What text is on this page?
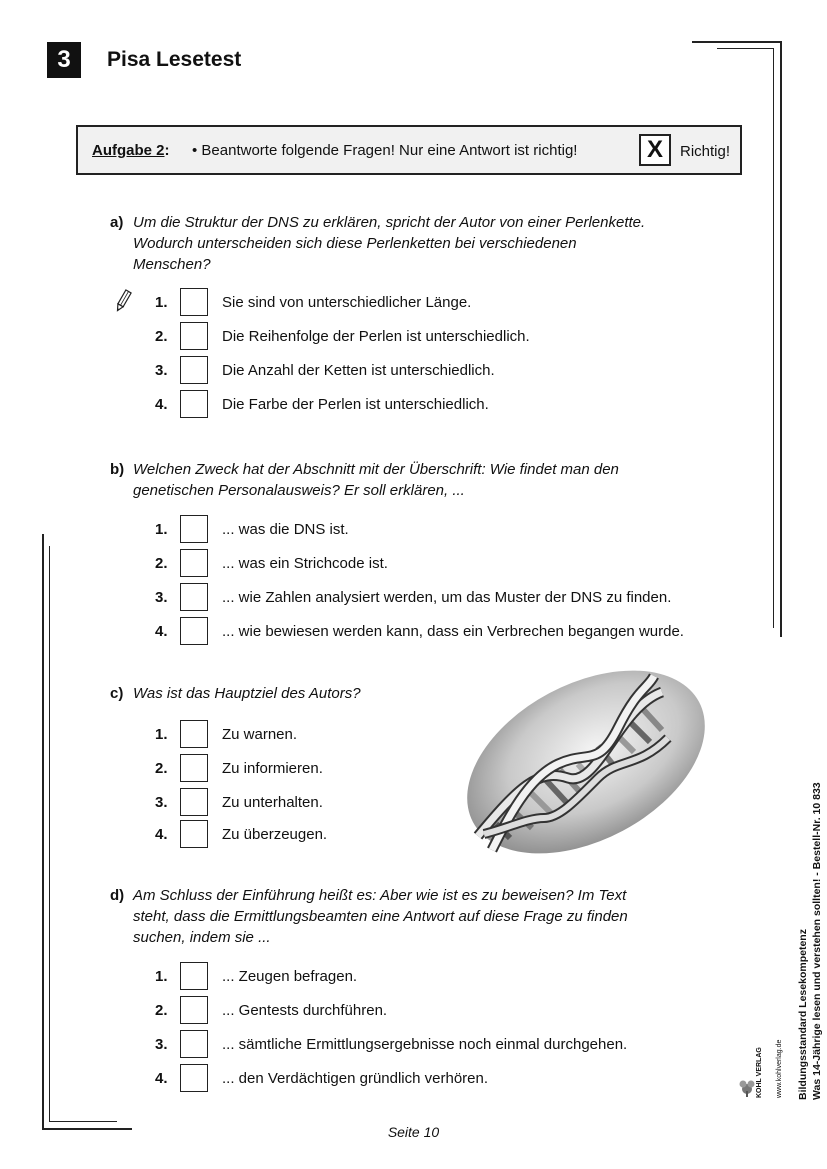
3	Pisa Lesetest
Aufgabe 2: • Beantworte folgende Fragen! Nur eine Antwort ist richtig!	X	Richtig!
a) Um die Struktur der DNS zu erklären, spricht der Autor von einer Perlenkette. Wodurch unterscheiden sich diese Perlenketten bei verschiedenen Menschen?
1.	Sie sind von unterschiedlicher Länge.
2.	Die Reihenfolge der Perlen ist unterschiedlich.
3.	Die Anzahl der Ketten ist unterschiedlich.
4.	Die Farbe der Perlen ist unterschiedlich.
b) Welchen Zweck hat der Abschnitt mit der Überschrift: Wie findet man den genetischen Personalausweis? Er soll erklären, ...
1.	... was die DNS ist.
2.	... was ein Strichcode ist.
3.	... wie Zahlen analysiert werden, um das Muster der DNS zu finden.
4.	... wie bewiesen werden kann, dass ein Verbrechen begangen wurde.
c) Was ist das Hauptziel des Autors?
1.	Zu warnen.
2.	Zu informieren.
3.	Zu unterhalten.
4.	Zu überzeugen.
d) Am Schluss der Einführung heißt es: Aber wie ist es zu beweisen? Im Text steht, dass die Ermittlungsbeamten eine Antwort auf diese Frage zu finden suchen, indem sie ...
1.	... Zeugen befragen.
2.	... Gentests durchführen.
3.	... sämtliche Ermittlungsergebnisse noch einmal durchgehen.
4.	... den Verdächtigen gründlich verhören.	Bildungsstandard Lesekompetenz Was 14-Jährige lesen und verstehen sollten! - Bestell-Nr. 10 833
KOHL VERLAG www.kohlverlag.de
Seite 10
